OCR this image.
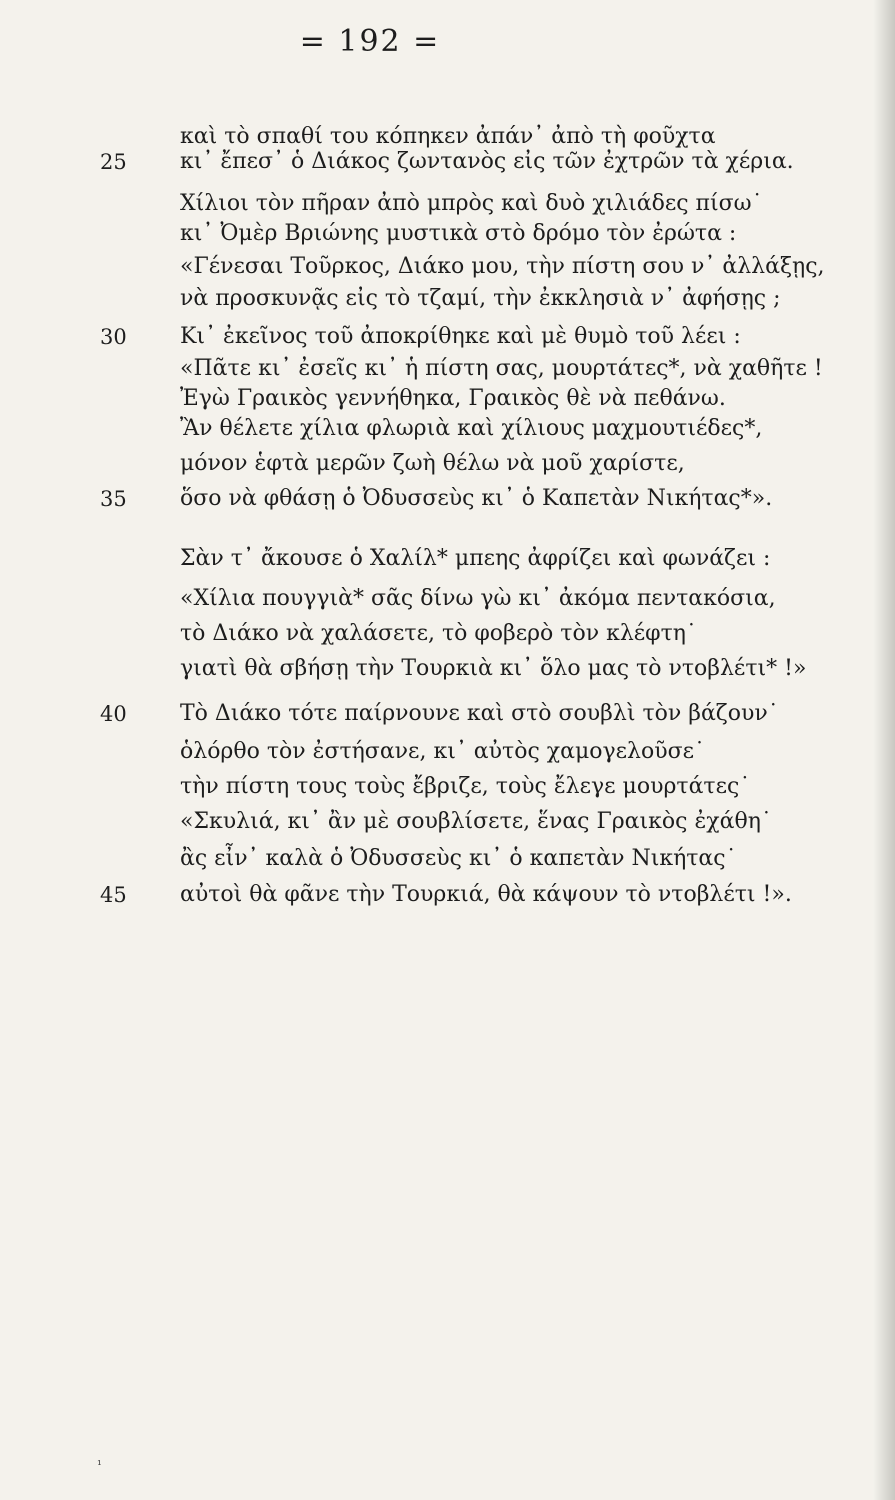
= 192 =
καὶ τὸ σπαθί του κόπηκεν ἀπάν᾽ ἀπὸ τὴ φοῦχτα
25	κι᾽ ἔπεσ᾽ ὁ Διάκος ζωντανὸς εἰς τῶν ἐχτρῶν τὰ χέρια.
Χίλιοι τὸν πῆραν ἀπὸ μπρὸς καὶ δυὸ χιλιάδες πίσω˙
κι᾽ Ὀμὲρ Βριώνης μυστικὰ στὸ δρόμο τὸν ἐρώτα :
«Γένεσαι Τοῦρκος, Διάκο μου, τὴν πίστη σου ν᾽ ἀλλάξῃς,
νὰ προσκυνᾷς εἰς τὸ τζαμί, τὴν ἐκκλησιὰ ν᾽ ἀφήσῃς ;
30	Κι᾽ ἐκεῖνος τοῦ ἀποκρίθηκε καὶ μὲ θυμὸ τοῦ λέει :
«Πᾶτε κι᾽ ἐσεῖς κι᾽ ἡ πίστη σας, μουρτάτες*, νὰ χαθῆτε !
Ἐγὼ Γραικὸς γεννήθηκα, Γραικὸς θὲ νὰ πεθάνω.
Ἂν θέλετε χίλια φλωριὰ καὶ χίλιους μαχμουτιέδες*,
μόνον ἑφτὰ μερῶν ζωὴ θέλω νὰ μοῦ χαρίστε,
35	ὅσο νὰ φθάσῃ ὁ Ὀδυσσεὺς κι᾽ ὁ Καπετὰν Νικήτας*».
Σὰν τ᾽ ἄκουσε ὁ Χαλίλ* μπεης ἀφρίζει καὶ φωνάζει :
«Χίλια πουγγιὰ* σᾶς δίνω γὼ κι᾽ ἀκόμα πεντακόσια,
τὸ Διάκο νὰ χαλάσετε, τὸ φοβερὸ τὸν κλέφτη˙
γιατὶ θὰ σβήσῃ τὴν Τουρκιὰ κι᾽ ὅλο μας τὸ ντοβλέτι* !»
40	Τὸ Διάκο τότε παίρνουνε καὶ στὸ σουβλὶ τὸν βάζουν˙
ὁλόρθο τὸν ἐστήσανε, κι᾽ αὐτὸς χαμογελοῦσε˙
τὴν πίστη τους τοὺς ἔβριζε, τοὺς ἔλεγε μουρτάτες˙
«Σκυλιά, κι᾽ ἂν μὲ σουβλίσετε, ἕνας Γραικὸς ἐχάθη˙
ἂς εἶν᾽ καλὰ ὁ Ὀδυσσεὺς κι᾽ ὁ καπετὰν Νικήτας˙
45	αὐτοὶ θὰ φᾶνε τὴν Τουρκιά, θὰ κάψουν τὸ ντοβλέτι !».
¹
